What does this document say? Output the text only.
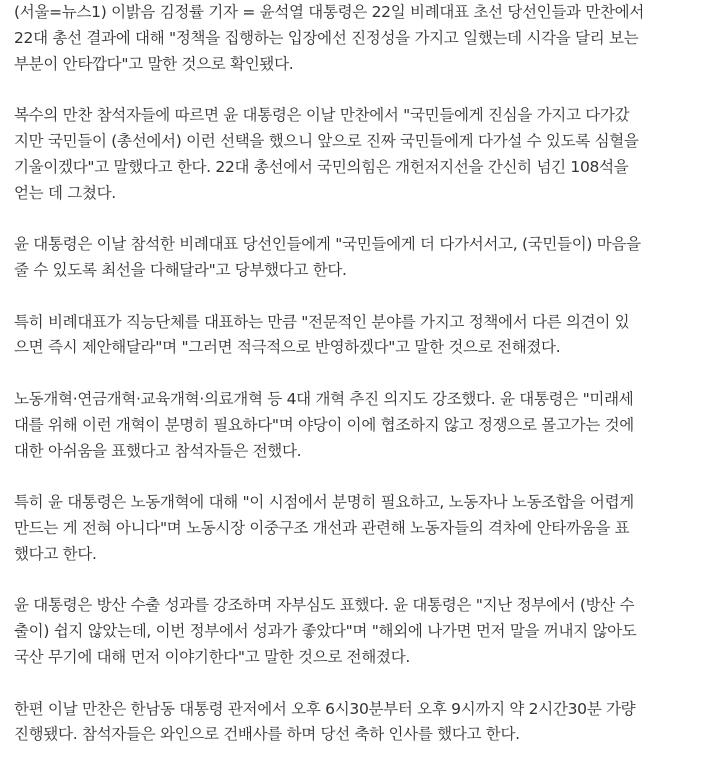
(서울=뉴스1) 이밝음 김정률 기자 = 윤석열 대통령은 22일 비례대표 초선 당선인들과 만찬에서
22대 총선 결과에 대해 "정책을 집행하는 입장에선 진정성을 가지고 일했는데 시각을 달리 보는
부분이 안타깝다"고 말한 것으로 확인됐다.

복수의 만찬 참석자들에 따르면 윤 대통령은 이날 만찬에서 "국민들에게 진심을 가지고 다가갔
지만 국민들이 (총선에서) 이런 선택을 했으니 앞으로 진짜 국민들에게 다가설 수 있도록 심혈을
기울이겠다"고 말했다고 한다. 22대 총선에서 국민의힘은 개헌저지선을 간신히 넘긴 108석을
얻는 데 그쳤다.

윤 대통령은 이날 참석한 비례대표 당선인들에게 "국민들에게 더 다가서서고, (국민들이) 마음을
줄 수 있도록 최선을 다해달라"고 당부했다고 한다.

특히 비례대표가 직능단체를 대표하는 만큼 "전문적인 분야를 가지고 정책에서 다른 의견이 있
으면 즉시 제안해달라"며 "그러면 적극적으로 반영하겠다"고 말한 것으로 전해졌다.

노동개혁·연금개혁·교육개혁·의료개혁 등 4대 개혁 추진 의지도 강조했다. 윤 대통령은 "미래세
대를 위해 이런 개혁이 분명히 필요하다"며 야당이 이에 협조하지 않고 정쟁으로 몰고가는 것에
대한 아쉬움을 표했다고 참석자들은 전했다.

특히 윤 대통령은 노동개혁에 대해 "이 시점에서 분명히 필요하고, 노동자나 노동조합을 어렵게
만드는 게 전혀 아니다"며 노동시장 이중구조 개선과 관련해 노동자들의 격차에 안타까움을 표
했다고 한다.

윤 대통령은 방산 수출 성과를 강조하며 자부심도 표했다. 윤 대통령은 "지난 정부에서 (방산 수
출이) 쉽지 않았는데, 이번 정부에서 성과가 좋았다"며 "해외에 나가면 먼저 말을 꺼내지 않아도
국산 무기에 대해 먼저 이야기한다"고 말한 것으로 전해졌다.

한편 이날 만찬은 한남동 대통령 관저에서 오후 6시30분부터 오후 9시까지 약 2시간30분 가량
진행됐다. 참석자들은 와인으로 건배사를 하며 당선 축하 인사를 했다고 한다.
